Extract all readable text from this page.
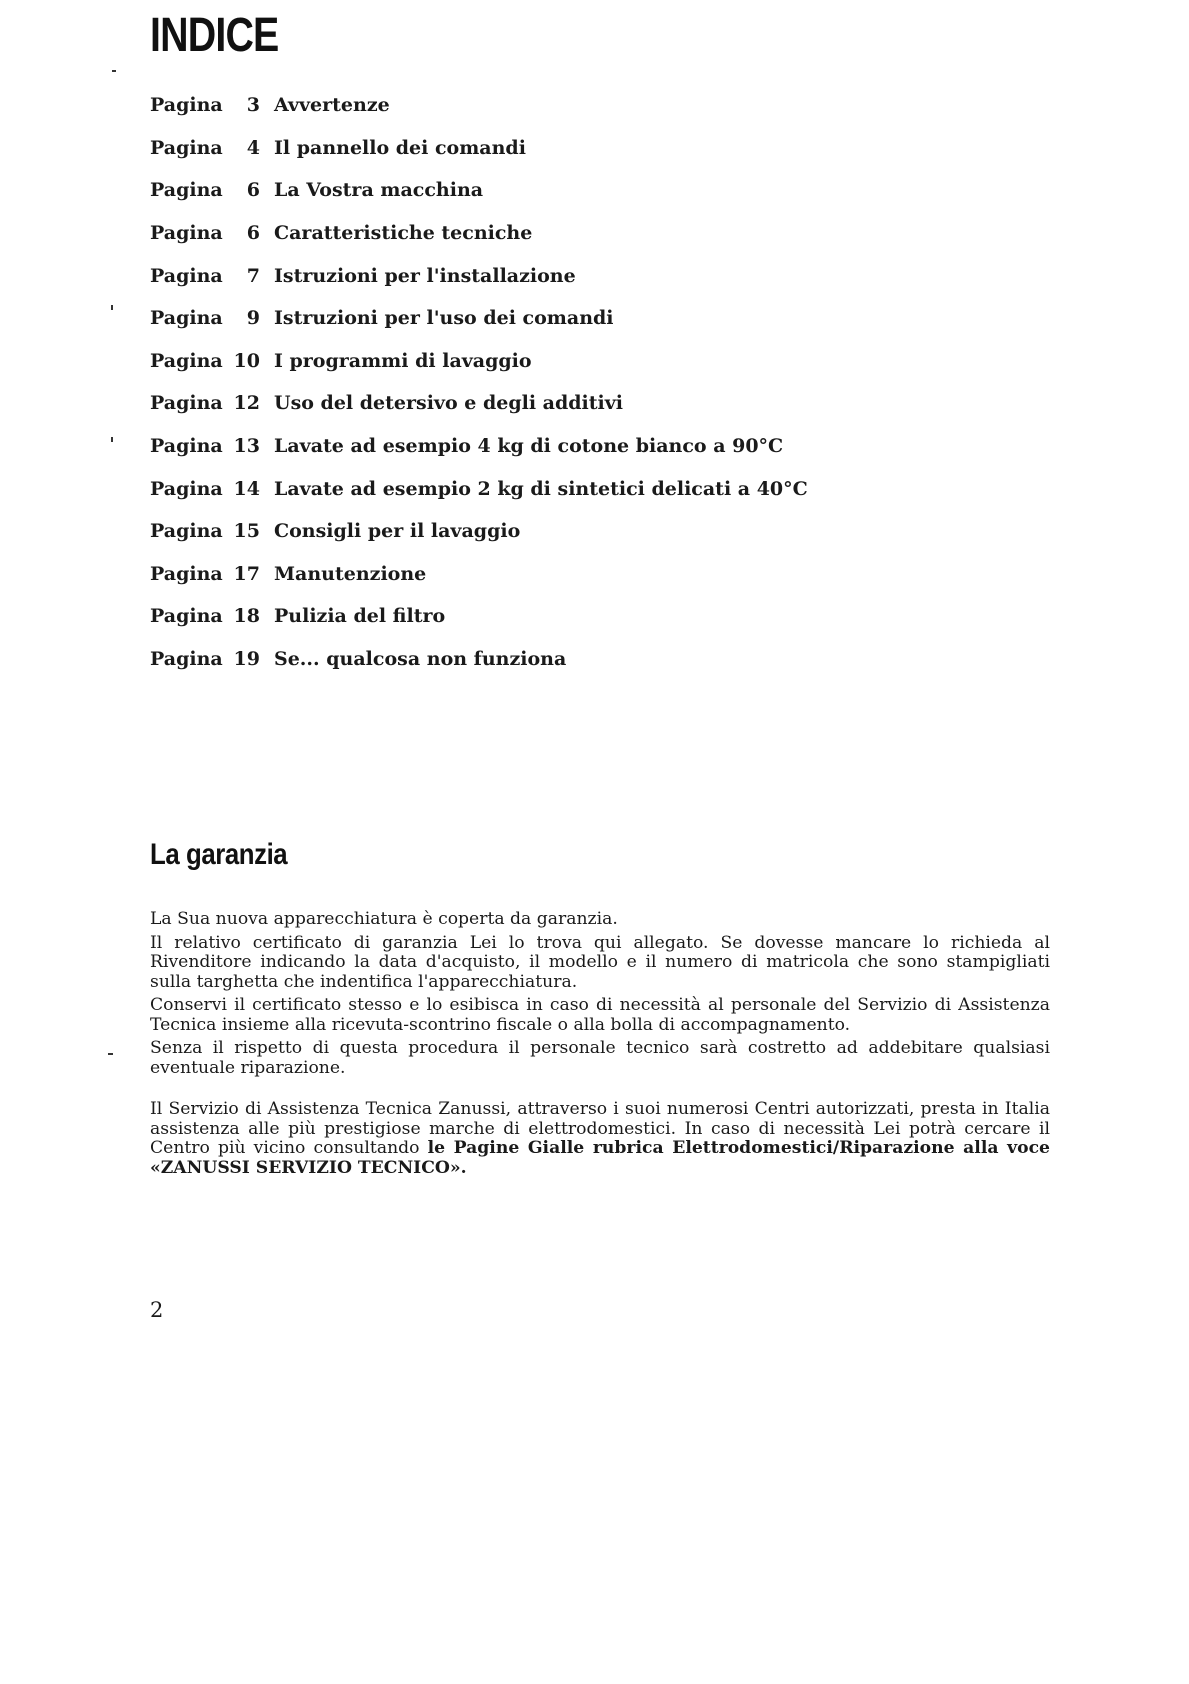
INDICE
Pagina	3 Avvertenze
Pagina	4 Il pannello dei comandi
Pagina	6 La Vostra macchina
Pagina	6 Caratteristiche tecniche
Pagina	7 Istruzioni per l'installazione
Pagina	9 Istruzioni per l'uso dei comandi
Pagina 10 I programmi di lavaggio
Pagina 12 Uso del detersivo e degli additivi
Pagina 13 Lavate ad esempio 4 kg di cotone bianco a 90°C
Pagina 14 Lavate ad esempio 2 kg di sintetici delicati a 40°C
Pagina 15 Consigli per il lavaggio
Pagina 17 Manutenzione
Pagina 18 Pulizia del filtro
Pagina 19 Se... qualcosa non funziona
La garanzia

La Sua nuova apparecchiatura è coperta da garanzia.

Il relativo certificato di garanzia Lei lo trova qui allegato. Se dovesse mancare lo richieda al Rivenditore indicando la data d'acquisto, il modello e il numero di matricola che sono stampigliati sulla targhetta che indentifica l'apparecchiatura.

Conservi il certificato stesso e lo esibisca in caso di necessità al personale del Servizio di Assistenza Tecnica insieme alla ricevuta-scontrino fiscale o alla bolla di accompagnamento.

Senza il rispetto di questa procedura il personale tecnico sarà costretto ad addebitare qualsiasi eventuale riparazione.

Il Servizio di Assistenza Tecnica Zanussi, attraverso i suoi numerosi Centri autorizzati, presta in Italia assistenza alle più prestigiose marche di elettrodomestici. In caso di necessità Lei potrà cercare il Centro più vicino consultando le Pagine Gialle rubrica Elettrodomestici/Riparazione alla voce «ZANUSSI SERVIZIO TECNICO».

2
